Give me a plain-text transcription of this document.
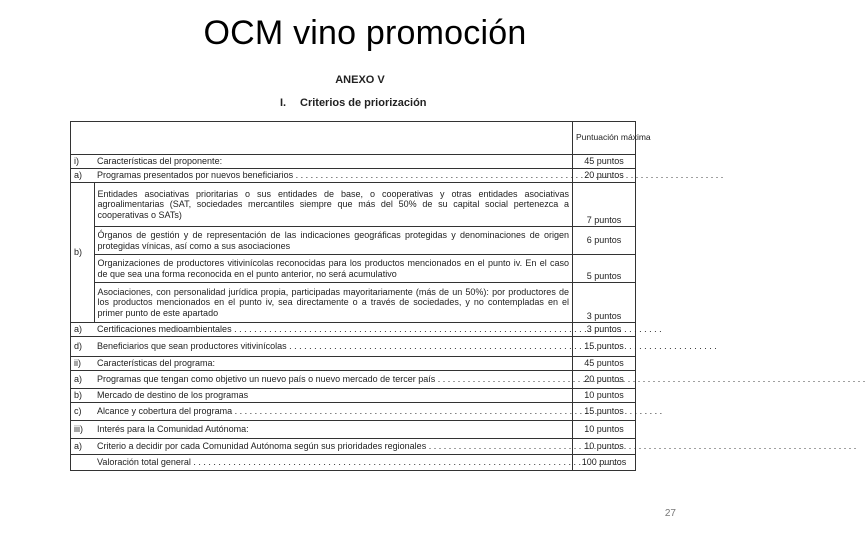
OCM vino promoción
ANEXO V
I. Criterios de priorización
		Puntuación máxima
i)	Características del proponente:	45 puntos
a)	Programas presentados por nuevos beneficiarios . . .	20 puntos
b)	Entidades asociativas prioritarias o sus entidades de base, o cooperativas y otras entidades asociativas agroalimentarias (SAT, sociedades mercantiles siempre que más del 50% de su capital social pertenezca a cooperativas o SATs)	7 puntos

	Órganos de gestión y de representación de las indicaciones geográficas protegidas y denominaciones de origen protegidas vínicas, así como a sus asociaciones	6 puntos

	Organizaciones de productores vitivinícolas reconocidas para los productos mencionados en el punto iv. En el caso de que sea una forma reconocida en el punto anterior, no será acumulativo	5 puntos

	Asociaciones, con personalidad jurídica propia, participadas mayoritariamente (más de un 50%): por productores de los productos mencionados en el punto iv, sea directamente o a través de sociedades, y no contempladas en el primer punto de este apartado	3 puntos
a)	Certificaciones medioambientales . . .	3 puntos
d)	Beneficiarios que sean productores vitivinícolas . . .	15 puntos
ii)	Características del programa:	45 puntos
a)	Programas que tengan como objetivo un nuevo país o nuevo mercado de tercer país . . .	20 puntos
b)	Mercado de destino de los programas	10 puntos
c)	Alcance y cobertura del programa . . .	15 puntos
iii)	Interés para la Comunidad Autónoma:	10 puntos
a)	Criterio a decidir por cada Comunidad Autónoma según sus prioridades regionales . . .	10 puntos

	Valoración total general . . .	100 puntos
27
